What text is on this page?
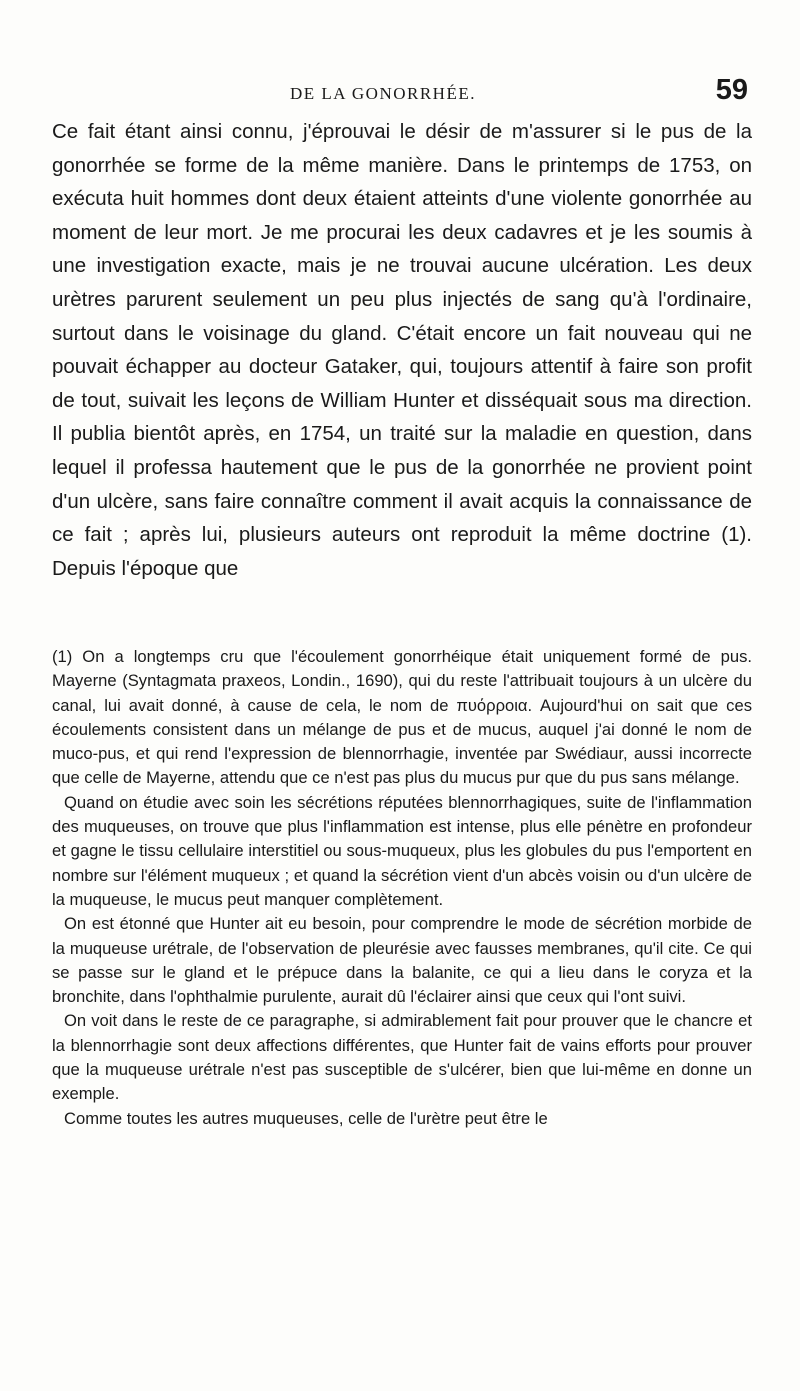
DE LA GONORRHÉE.	59

Ce fait étant ainsi connu, j'éprouvai le désir de m'assurer si le pus de la gonorrhée se forme de la même manière. Dans le printemps de 1753, on exécuta huit hommes dont deux étaient atteints d'une violente gonorrhée au moment de leur mort. Je me procurai les deux cadavres et je les soumis à une investigation exacte, mais je ne trouvai aucune ulcération. Les deux urètres parurent seulement un peu plus injectés de sang qu'à l'ordinaire, surtout dans le voisinage du gland. C'était encore un fait nouveau qui ne pouvait échapper au docteur Gataker, qui, toujours attentif à faire son profit de tout, suivait les leçons de William Hunter et disséquait sous ma direction. Il publia bientôt après, en 1754, un traité sur la maladie en question, dans lequel il professa hautement que le pus de la gonorrhée ne provient point d'un ulcère, sans faire connaître comment il avait acquis la connaissance de ce fait ; après lui, plusieurs auteurs ont reproduit la même doctrine (1). Depuis l'époque que

(1) On a longtemps cru que l'écoulement gonorrhéique était uniquement formé de pus. Mayerne (Syntagmata praxeos, Londin., 1690), qui du reste l'attribuait toujours à un ulcère du canal, lui avait donné, à cause de cela, le nom de πυόρροια. Aujourd'hui on sait que ces écoulements consistent dans un mélange de pus et de mucus, auquel j'ai donné le nom de muco-pus, et qui rend l'expression de blennorrhagie, inventée par Swédiaur, aussi incorrecte que celle de Mayerne, attendu que ce n'est pas plus du mucus pur que du pus sans mélange.

Quand on étudie avec soin les sécrétions réputées blennorrhagiques, suite de l'inflammation des muqueuses, on trouve que plus l'inflammation est intense, plus elle pénètre en profondeur et gagne le tissu cellulaire interstitiel ou sous-muqueux, plus les globules du pus l'emportent en nombre sur l'élément muqueux ; et quand la sécrétion vient d'un abcès voisin ou d'un ulcère de la muqueuse, le mucus peut manquer complètement.

On est étonné que Hunter ait eu besoin, pour comprendre le mode de sécrétion morbide de la muqueuse urétrale, de l'observation de pleurésie avec fausses membranes, qu'il cite. Ce qui se passe sur le gland et le prépuce dans la balanite, ce qui a lieu dans le coryza et la bronchite, dans l'ophthalmie purulente, aurait dû l'éclairer ainsi que ceux qui l'ont suivi.

On voit dans le reste de ce paragraphe, si admirablement fait pour prouver que le chancre et la blennorrhagie sont deux affections différentes, que Hunter fait de vains efforts pour prouver que la muqueuse urétrale n'est pas susceptible de s'ulcérer, bien que lui-même en donne un exemple.

Comme toutes les autres muqueuses, celle de l'urètre peut être le
